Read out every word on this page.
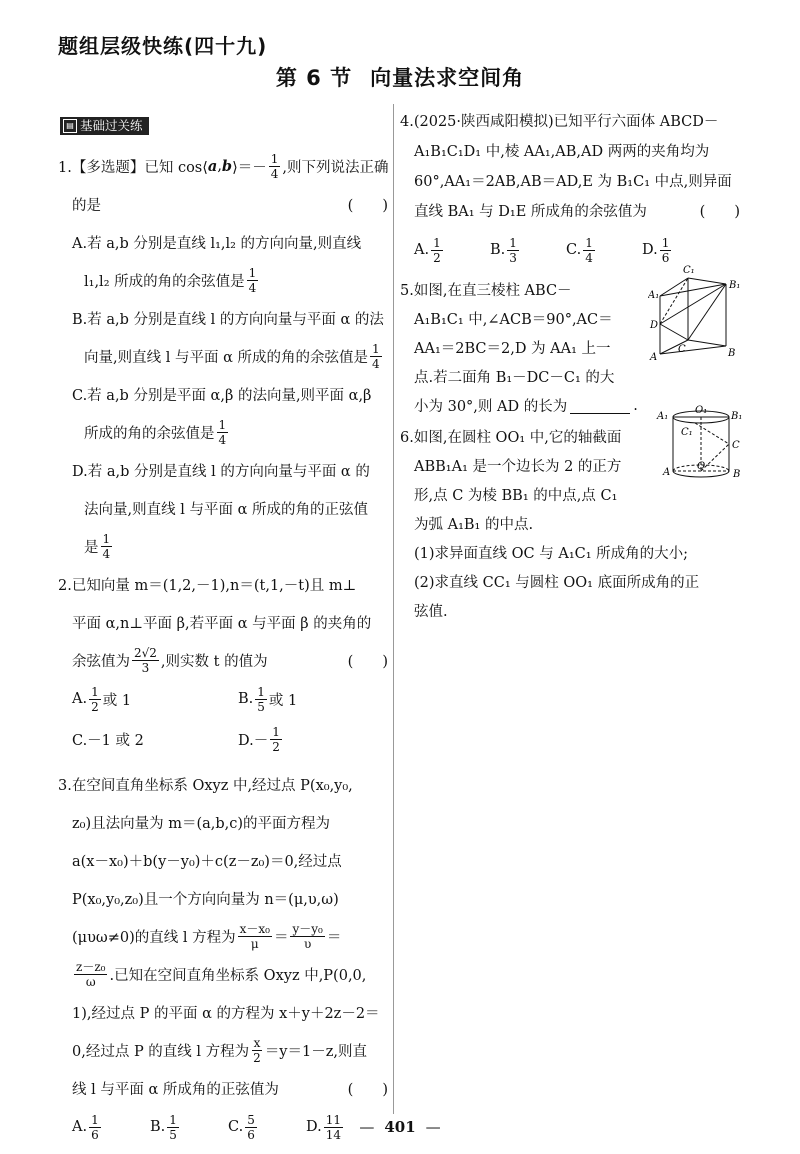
题组层级快练(四十九)
第 6 节 向量法求空间角
▤ 基础过关练
1.【多选题】已知 cos⟨ a , b ⟩＝－ $\frac{1}{4}$ ,则下列说法正确
的是	(　　)
A.若 a,b 分别是直线 l₁,l₂ 的方向向量,则直线
l₁,l₂ 所成的角的余弦值是 $\frac{1}{4}$
B.若 a,b 分别是直线 l 的方向向量与平面 α 的法
向量,则直线 l 与平面 α 所成的角的余弦值是 $\frac{1}{4}$
C.若 a,b 分别是平面 α,β 的法向量,则平面 α,β
所成的角的余弦值是 $\frac{1}{4}$
D.若 a,b 分别是直线 l 的方向向量与平面 α 的
法向量,则直线 l 与平面 α 所成的角的正弦值
是 $\frac{1}{4}$
2.已知向量 m＝(1,2,－1),n＝(t,1,－t)且 m⊥
平面 α,n⊥平面 β,若平面 α 与平面 β 的夹角的
余弦值为 $\frac{2√2}{3}$ ,则实数 t 的值为	(　　)
A. $\frac{1}{2}$ 或 1	B. $\frac{1}{5}$ 或 1
C.－1 或 2	$D.- \frac{1}{2}$
3.在空间直角坐标系 Oxyz 中,经过点 P(x₀,y₀,
z₀)且法向量为 m＝(a,b,c)的平面方程为
a(x－x₀)＋b(y－y₀)＋c(z－z₀)＝0,经过点
P(x₀,y₀,z₀)且一个方向向量为 n＝(μ,υ,ω)
(μυω≠0)的直线 l 方程为 $\frac{\text{x－x₀}}{\mu} = \frac{\text{y－y₀}}{\upsilon}$ ＝
$\frac{\text{z－z₀}}{\omega}$ .已知在空间直角坐标系 Oxyz 中,P(0,0,
1),经过点 P 的平面 α 的方程为 x＋y＋2z－2＝
0,经过点 P 的直线 l 方程为 $\frac{x}{2} =y=1-z$,则直
线 l 与平面 α 所成角的正弦值为	(　　)
A. $\frac{1}{6}$	B. $\frac{1}{5}$	C. $\frac{5}{6}$	D. $\frac{11}{14}$
4.(2025·陕西咸阳模拟)已知平行六面体 ABCD－
A₁B₁C₁D₁ 中,棱 AA₁,AB,AD 两两的夹角均为
60°,AA₁＝2AB,AB＝AD,E 为 B₁C₁ 中点,则异面
直线 BA₁ 与 D₁E 所成角的余弦值为	(　　)
A. $\frac{1}{2}$	B. $\frac{1}{3}$	C. $\frac{1}{4}$	D. $\frac{1}{6}$
5.如图,在直三棱柱 ABC－
A₁B₁C₁ 中,∠ACB＝90°,AC＝
AA₁＝2BC＝2,D 为 AA₁ 上一
点.若二面角 B₁－DC－C₁ 的大
小为 30°,则 AD 的长为	.
6.如图,在圆柱 OO₁ 中,它的轴截面
ABB₁A₁ 是一个边长为 2 的正方
形,点 C 为棱 BB₁ 的中点,点 C₁
为弧 A₁B₁ 的中点.
(1)求异面直线 OC 与 A₁C₁ 所成角的大小;
(2)求直线 CC₁ 与圆柱 OO₁ 底面所成角的正
弦值.
C₁
B₁
A₁
D
A
C	B
A₁
O₁
B₁
C₁
C
A
O
B
— 401 —
